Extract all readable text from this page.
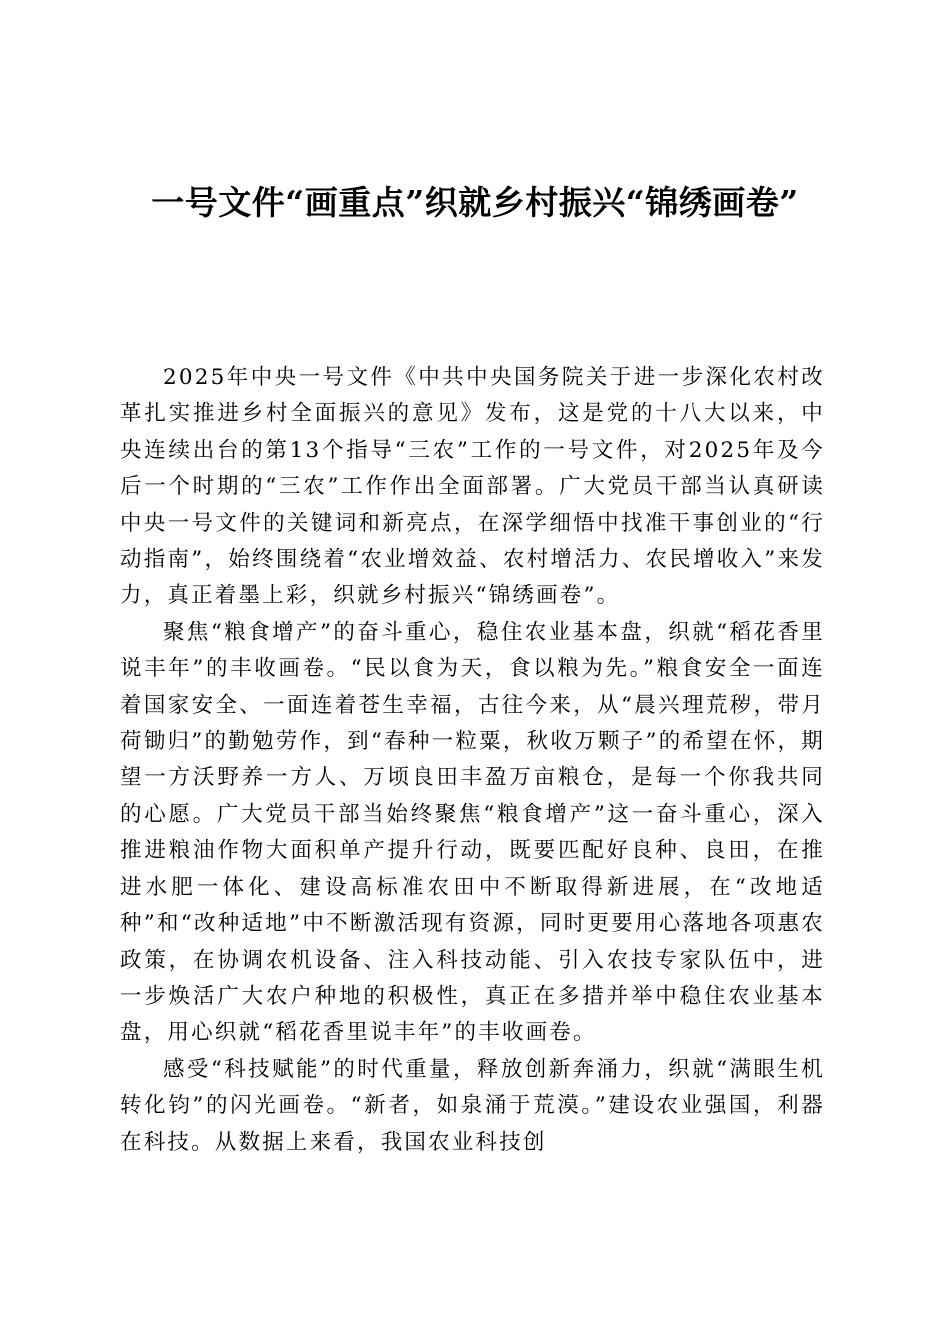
一号文件“画重点”织就乡村振兴“锦绣画卷”

2025年中央一号文件《中共中央国务院关于进一步深化农村改革扎实推进乡村全面振兴的意见》发布，这是党的十八大以来，中央连续出台的第13个指导“三农”工作的一号文件，对2025年及今后一个时期的“三农”工作作出全面部署。广大党员干部当认真研读中央一号文件的关键词和新亮点，在深学细悟中找准干事创业的“行动指南”，始终围绕着“农业增效益、农村增活力、农民增收入”来发力，真正着墨上彩，织就乡村振兴“锦绣画卷”。

聚焦“粮食增产”的奋斗重心，稳住农业基本盘，织就“稻花香里说丰年”的丰收画卷。“民以食为天，食以粮为先。”粮食安全一面连着国家安全、一面连着苍生幸福，古往今来，从“晨兴理荒秽，带月荷锄归”的勤勉劳作，到“春种一粒粟，秋收万颗子”的希望在怀，期望一方沃野养一方人、万顷良田丰盈万亩粮仓，是每一个你我共同的心愿。广大党员干部当始终聚焦“粮食增产”这一奋斗重心，深入推进粮油作物大面积单产提升行动，既要匹配好良种、良田，在推进水肥一体化、建设高标准农田中不断取得新进展，在“改地适种”和“改种适地”中不断激活现有资源，同时更要用心落地各项惠农政策，在协调农机设备、注入科技动能、引入农技专家队伍中，进一步焕活广大农户种地的积极性，真正在多措并举中稳住农业基本盘，用心织就“稻花香里说丰年”的丰收画卷。

感受“科技赋能”的时代重量，释放创新奔涌力，织就“满眼生机转化钧”的闪光画卷。“新者，如泉涌于荒漠。”建设农业强国，利器在科技。从数据上来看，我国农业科技创
